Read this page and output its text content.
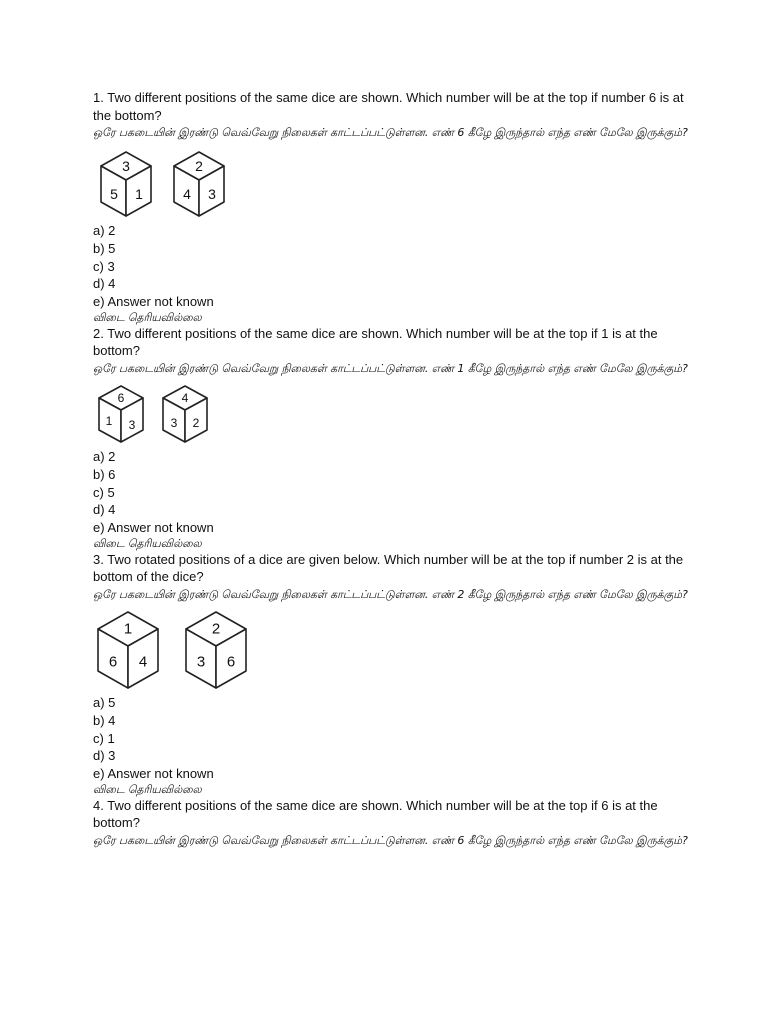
1. Two different positions of the same dice are shown. Which number will be at the top if number 6 is at the bottom?
ஒரே பகடையின் இரண்டு வெவ்வேறு நிலைகள் காட்டப்பட்டுள்ளன. எண் 6 கீழே இருந்தால் எந்த எண் மேலே இருக்கும்?
3
5 1
2
4 3
a) 2
b) 5
c) 3
d) 4
e) Answer not known
விடை தெரியவில்லை
2. Two different positions of the same dice are shown. Which number will be at the top if 1 is at the bottom?
ஒரே பகடையின் இரண்டு வெவ்வேறு நிலைகள் காட்டப்பட்டுள்ளன. எண் 1 கீழே இருந்தால் எந்த எண் மேலே இருக்கும்?
6
1 3
4
3 2
a) 2
b) 6
c) 5
d) 4
e) Answer not known
விடை தெரியவில்லை
3. Two rotated positions of a dice are given below. Which number will be at the top if number 2 is at the bottom of the dice?
ஒரே பகடையின் இரண்டு வெவ்வேறு நிலைகள் காட்டப்பட்டுள்ளன. எண் 2 கீழே இருந்தால் எந்த எண் மேலே இருக்கும்?
1
6 4
2
3 6
a) 5
b) 4
c) 1
d) 3
e) Answer not known
விடை தெரியவில்லை
4. Two different positions of the same dice are shown. Which number will be at the top if 6 is at the bottom?
ஒரே பகடையின் இரண்டு வெவ்வேறு நிலைகள் காட்டப்பட்டுள்ளன. எண் 6 கீழே இருந்தால் எந்த எண் மேலே இருக்கும்?
